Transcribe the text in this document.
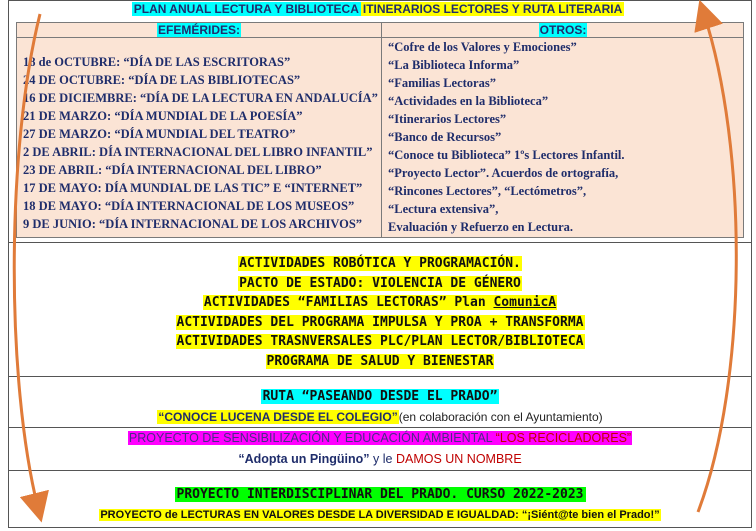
PLAN ANUAL LECTURA Y BIBLIOTECA ITINERARIOS LECTORES Y RUTA LITERARIA
EFEMÉRIDES:	OTROS:
18 de OCTUBRE: “DÍA DE LAS ESCRITORAS”
24 DE OCTUBRE: “DÍA DE LAS BIBLIOTECAS”
16 DE DICIEMBRE: “DÍA DE LA LECTURA EN ANDALUCÍA”
21 DE MARZO: “DÍA MUNDIAL DE LA POESÍA”
27 DE MARZO: “DÍA MUNDIAL DEL TEATRO”
2 DE ABRIL: DÍA INTERNACIONAL DEL LIBRO INFANTIL”
23 DE ABRIL: “DÍA INTERNACIONAL DEL LIBRO”
17 DE MAYO: DÍA MUNDIAL DE LAS TIC” E “INTERNET”
18 DE MAYO: “DÍA INTERNACIONAL DE LOS MUSEOS”
9 DE JUNIO: “DÍA INTERNACIONAL DE LOS ARCHIVOS”
“Cofre de los Valores y Emociones”
“La Biblioteca Informa”
“Familias Lectoras”
“Actividades en la Biblioteca”
“Itinerarios Lectores”
“Banco de Recursos”
“Conoce tu Biblioteca” 1ºs Lectores Infantil.
“Proyecto Lector”. Acuerdos de ortografía,
“Rincones Lectores”, “Lectómetros”,
“Lectura extensiva”,
Evaluación y Refuerzo en Lectura.
ACTIVIDADES ROBÓTICA Y PROGRAMACIÓN.
PACTO DE ESTADO: VIOLENCIA DE GÉNERO
ACTIVIDADES “FAMILIAS LECTORAS” Plan ComunicA
ACTIVIDADES DEL PROGRAMA IMPULSA Y PROA + TRANSFORMA
ACTIVIDADES TRASNVERSALES PLC/PLAN LECTOR/BIBLIOTECA
PROGRAMA DE SALUD Y BIENESTAR
RUTA “PASEANDO DESDE EL PRADO”
“CONOCE LUCENA DESDE EL COLEGIO”(en colaboración con el Ayuntamiento)
PROYECTO DE SENSIBILIZACIÓN Y EDUCACIÓN AMBIENTAL “LOS RECICLADORES”
“Adopta un Pingüino” y le DAMOS UN NOMBRE
PROYECTO INTERDISCIPLINAR DEL PRADO. CURSO 2022-2023
PROYECTO de LECTURAS EN VALORES DESDE LA DIVERSIDAD E IGUALDAD: “¡Siént@te bien el Prado!”
